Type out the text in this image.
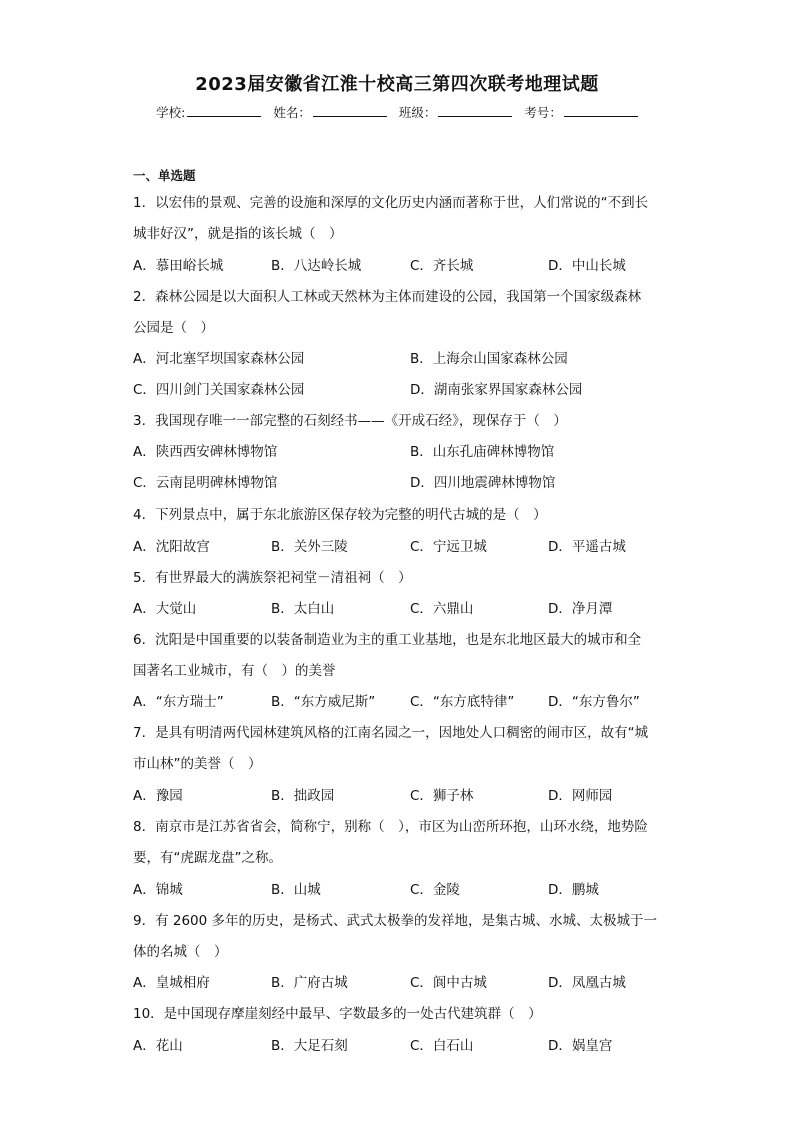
2023届安徽省江淮十校高三第四次联考地理试题
学校:	姓名：	班级：	考号：
一、单选题
1．以宏伟的景观、完善的设施和深厚的文化历史内涵而著称于世，人们常说的“不到长
城非好汉”，就是指的该长城（　）
A．慕田峪长城	B．八达岭长城	C．齐长城	D．中山长城
2．森林公园是以大面积人工林或天然林为主体而建设的公园，我国第一个国家级森林
公园是（　）
A．河北塞罕坝国家森林公园	B．上海佘山国家森林公园
C．四川剑门关国家森林公园	D．湖南张家界国家森林公园
3．我国现存唯一一部完整的石刻经书——《开成石经》，现保存于（　）
A．陕西西安碑林博物馆	B．山东孔庙碑林博物馆
C．云南昆明碑林博物馆	D．四川地震碑林博物馆
4．下列景点中，属于东北旅游区保存较为完整的明代古城的是（　）
A．沈阳故宫	B．关外三陵	C．宁远卫城	D．平遥古城
5．有世界最大的满族祭祀祠堂－清祖祠（　）
A．大觉山	B．太白山	C．六鼎山	D．净月潭
6．沈阳是中国重要的以装备制造业为主的重工业基地，也是东北地区最大的城市和全
国著名工业城市，有（　）的美誉
A．“东方瑞士”	B．“东方威尼斯”	C．“东方底特律” D．“东方鲁尔”
7．是具有明清两代园林建筑风格的江南名园之一，因地处人口稠密的闹市区，故有“城
市山林”的美誉（　）
A．豫园	B．拙政园	C．狮子林	D．网师园
8．南京市是江苏省省会，简称宁，别称（　），市区为山峦所环抱，山环水绕，地势险
要，有“虎踞龙盘”之称。
A．锦城	B．山城	C．金陵	D．鹏城
9．有 2600 多年的历史，是杨式、武式太极拳的发祥地，是集古城、水城、太极城于一
体的名城（　）
A．皇城相府	B．广府古城	C．阆中古城	D．凤凰古城
10．是中国现存摩崖刻经中最早、字数最多的一处古代建筑群（　）
A．花山	B．大足石刻	C．白石山	D．娲皇宫
